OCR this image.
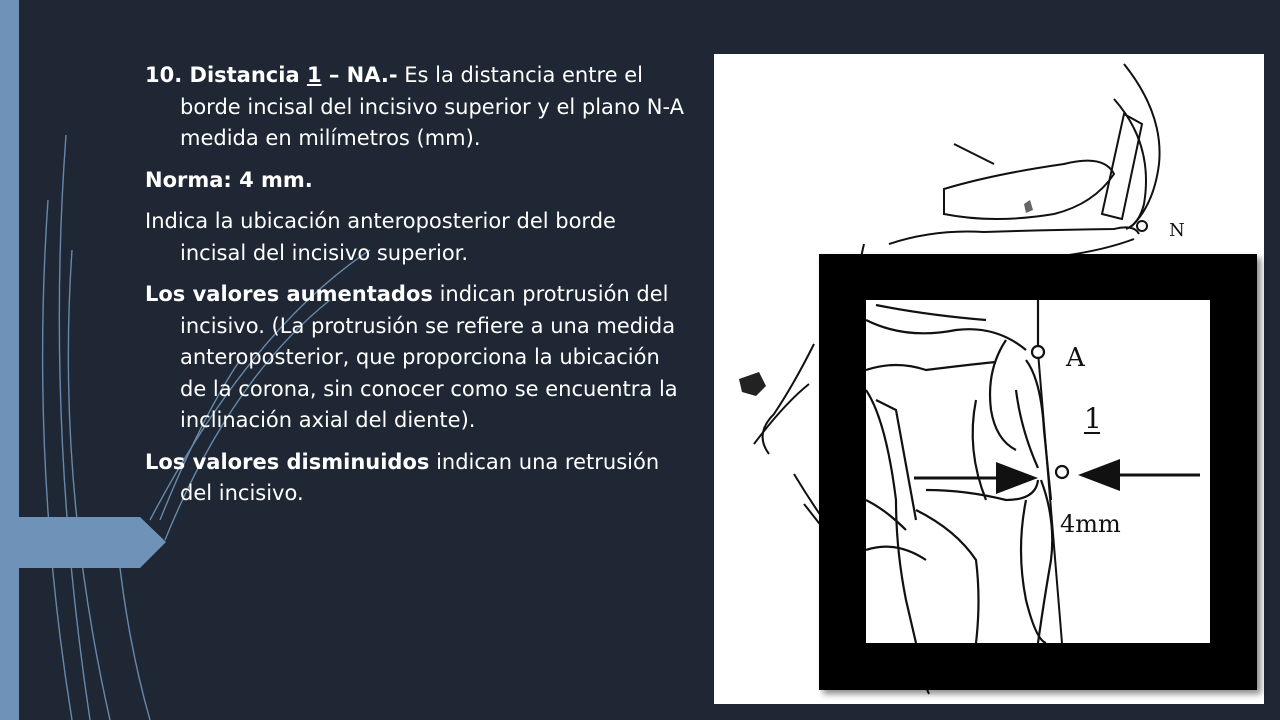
10. Distancia 1 – NA.- Es la distancia entre el borde incisal del incisivo superior y el plano N-A medida en milímetros (mm).

Norma: 4 mm.

Indica la ubicación anteroposterior del borde incisal del incisivo superior.

Los valores aumentados indican protrusión del incisivo. (La protrusión se refiere a una medida anteroposterior, que proporciona la ubicación de la corona, sin conocer como se encuentra la inclinación axial del diente).

Los valores disminuidos indican una retrusión del incisivo.

N
A
1
4mm
